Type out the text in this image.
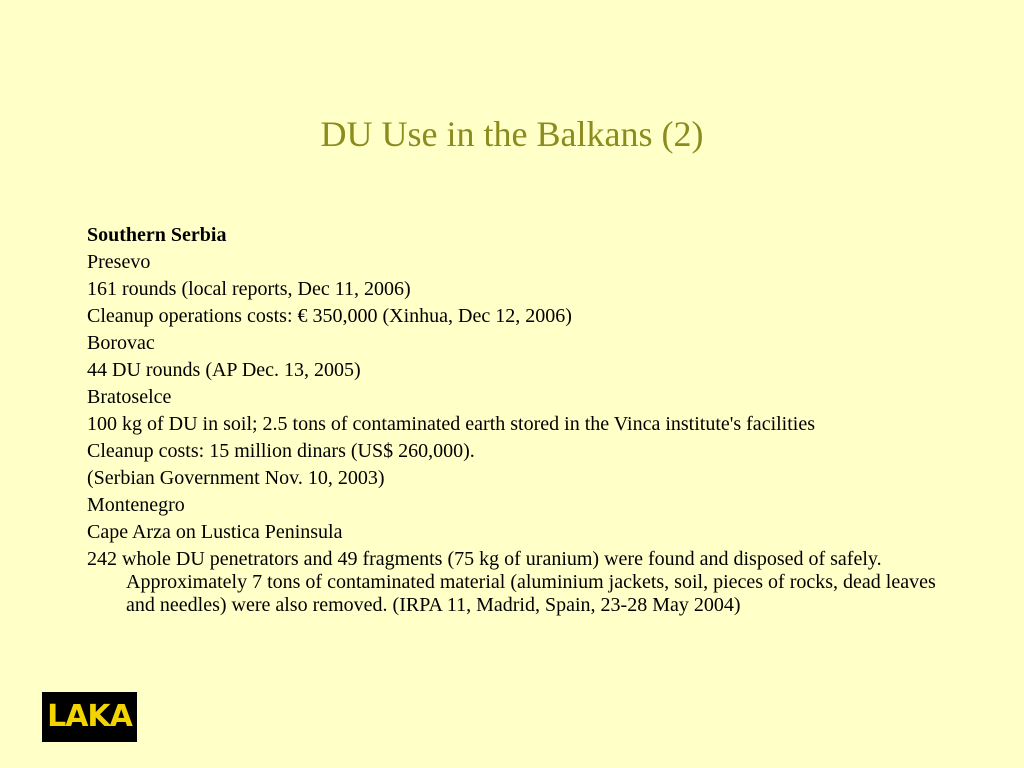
DU Use in the Balkans (2)
Southern Serbia
Presevo
161 rounds (local reports, Dec 11, 2006)
Cleanup operations costs: € 350,000 (Xinhua, Dec 12, 2006)
Borovac
44 DU rounds (AP Dec. 13, 2005)
Bratoselce
100 kg of DU in soil; 2.5 tons of contaminated earth stored in the Vinca institute's facilities
Cleanup costs: 15 million dinars (US$ 260,000).
(Serbian Government Nov. 10, 2003)
Montenegro
Cape Arza on Lustica Peninsula
242 whole DU penetrators and 49 fragments (75 kg of uranium) were found and disposed of safely. Approximately 7 tons of contaminated material (aluminium jackets, soil, pieces of rocks, dead leaves and needles) were also removed. (IRPA 11, Madrid, Spain, 23-28 May 2004)
LAKA
